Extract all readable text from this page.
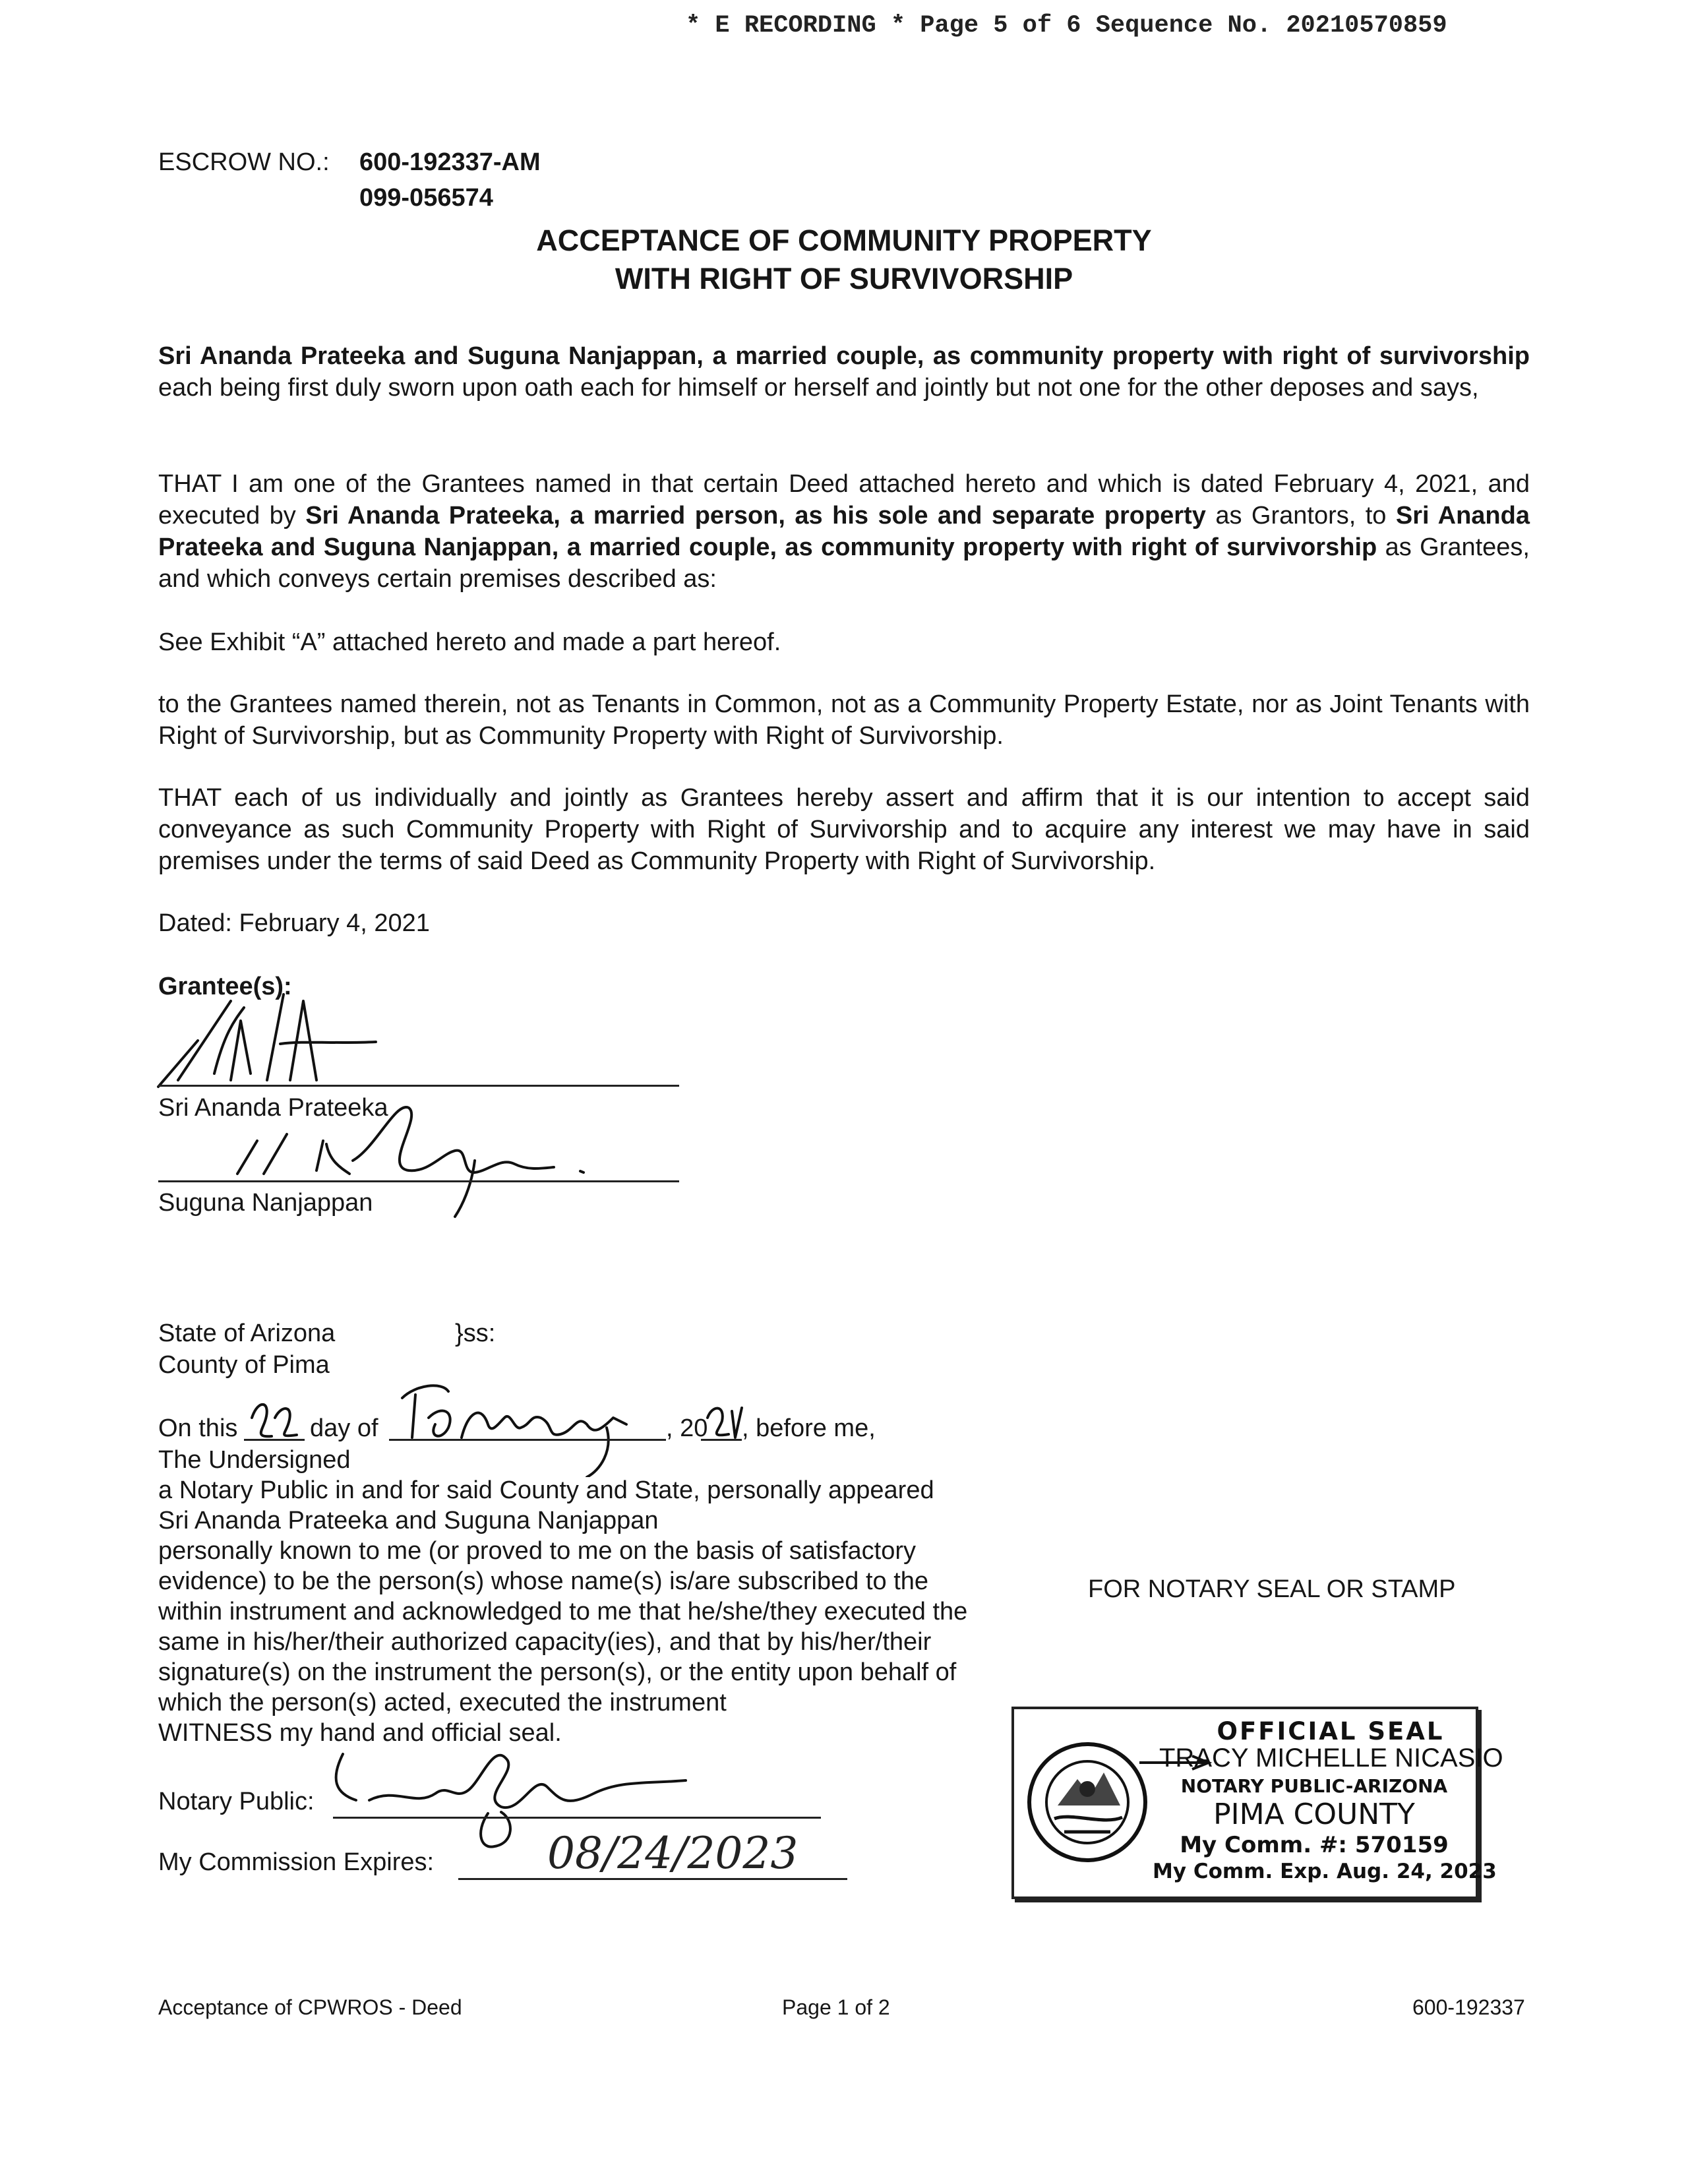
* E RECORDING * Page 5 of 6 Sequence No. 20210570859
ESCROW NO.: 600-192337-AM
099-056574
ACCEPTANCE OF COMMUNITY PROPERTY
WITH RIGHT OF SURVIVORSHIP
Sri Ananda Prateeka and Suguna Nanjappan, a married couple, as community property with right of survivorship each being first duly sworn upon oath each for himself or herself and jointly but not one for the other deposes and says,
THAT I am one of the Grantees named in that certain Deed attached hereto and which is dated February 4, 2021, and executed by Sri Ananda Prateeka, a married person, as his sole and separate property as Grantors, to Sri Ananda Prateeka and Suguna Nanjappan, a married couple, as community property with right of survivorship as Grantees, and which conveys certain premises described as:
See Exhibit “A” attached hereto and made a part hereof.
to the Grantees named therein, not as Tenants in Common, not as a Community Property Estate, nor as Joint Tenants with Right of Survivorship, but as Community Property with Right of Survivorship.
THAT each of us individually and jointly as Grantees hereby assert and affirm that it is our intention to accept said conveyance as such Community Property with Right of Survivorship and to acquire any interest we may have in said premises under the terms of said Deed as Community Property with Right of Survivorship.
Dated: February 4, 2021
Grantee(s):
Sri Ananda Prateeka
Suguna Nanjappan
State of Arizona	}ss:
County of Pima
On this	day of	, 20 , before me,
The Undersigned
a Notary Public in and for said County and State, personally appeared
Sri Ananda Prateeka and Suguna Nanjappan
personally known to me (or proved to me on the basis of satisfactory
evidence) to be the person(s) whose name(s) is/are subscribed to the
within instrument and acknowledged to me that he/she/they executed the
same in his/her/their authorized capacity(ies), and that by his/her/their
signature(s) on the instrument the person(s), or the entity upon behalf of
which the person(s) acted, executed the instrument
WITNESS my hand and official seal.
FOR NOTARY SEAL OR STAMP
Notary Public:
My Commission Expires:	08/24/2023
OFFICIAL SEAL
TRACY MICHELLE NICASIO
NOTARY PUBLIC-ARIZONA
PIMA COUNTY
My Comm. #: 570159
My Comm. Exp. Aug. 24, 2023
Acceptance of CPWROS - Deed	Page 1 of 2	600-192337
